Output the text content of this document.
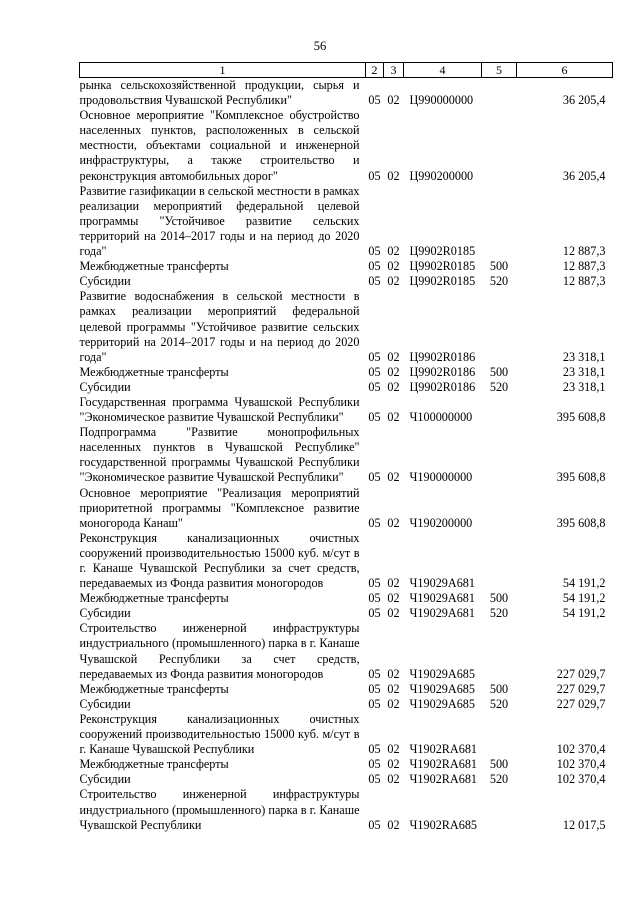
56
1	2	3	4	5	6
рынка сельскохозяйственной продукции, сырья и продовольствия Чувашской Республики"	05	02	Ц990000000		36 205,4
Основное мероприятие "Комплексное обустройство населенных пунктов, расположенных в сельской местности, объектами социальной и инженерной инфраструктуры, а также строительство и реконструкция автомобильных дорог"	05	02	Ц990200000		36 205,4
Развитие газификации в сельской местности в рамках реализации мероприятий федеральной целевой программы "Устойчивое развитие сельских территорий на 2014–2017 годы и на период до 2020 года"	05	02	Ц9902R0185		12 887,3
Межбюджетные трансферты	05	02	Ц9902R0185	500	12 887,3
Субсидии	05	02	Ц9902R0185	520	12 887,3
Развитие водоснабжения в сельской местности в рамках реализации мероприятий федеральной целевой программы "Устойчивое развитие сельских территорий на 2014–2017 годы и на период до 2020 года"	05	02	Ц9902R0186		23 318,1
Межбюджетные трансферты	05	02	Ц9902R0186	500	23 318,1
Субсидии	05	02	Ц9902R0186	520	23 318,1
Государственная программа Чувашской Республики "Экономическое развитие Чувашской Республики"	05	02	Ч100000000		395 608,8
Подпрограмма "Развитие монопрофильных населенных пунктов в Чувашской Республике" государственной программы Чувашской Республики "Экономическое развитие Чувашской Республики"	05	02	Ч190000000		395 608,8
Основное мероприятие "Реализация мероприятий приоритетной программы "Комплексное развитие моногорода Канаш"	05	02	Ч190200000		395 608,8
Реконструкция канализационных очистных сооружений производительностью 15000 куб. м/сут в г. Канаше Чувашской Республики за счет средств, передаваемых из Фонда развития моногородов	05	02	Ч19029А681		54 191,2
Межбюджетные трансферты	05	02	Ч19029А681	500	54 191,2
Субсидии	05	02	Ч19029А681	520	54 191,2
Строительство инженерной инфраструктуры индустриального (промышленного) парка в г. Канаше Чувашской Республики за счет средств, передаваемых из Фонда развития моногородов	05	02	Ч19029А685		227 029,7
Межбюджетные трансферты	05	02	Ч19029А685	500	227 029,7
Субсидии	05	02	Ч19029А685	520	227 029,7
Реконструкция канализационных очистных сооружений производительностью 15000 куб. м/сут в г. Канаше Чувашской Республики	05	02	Ч1902RA681		102 370,4
Межбюджетные трансферты	05	02	Ч1902RA681	500	102 370,4
Субсидии	05	02	Ч1902RA681	520	102 370,4
Строительство инженерной инфраструктуры индустриального (промышленного) парка в г. Канаше Чувашской Республики	05	02	Ч1902RA685		12 017,5
